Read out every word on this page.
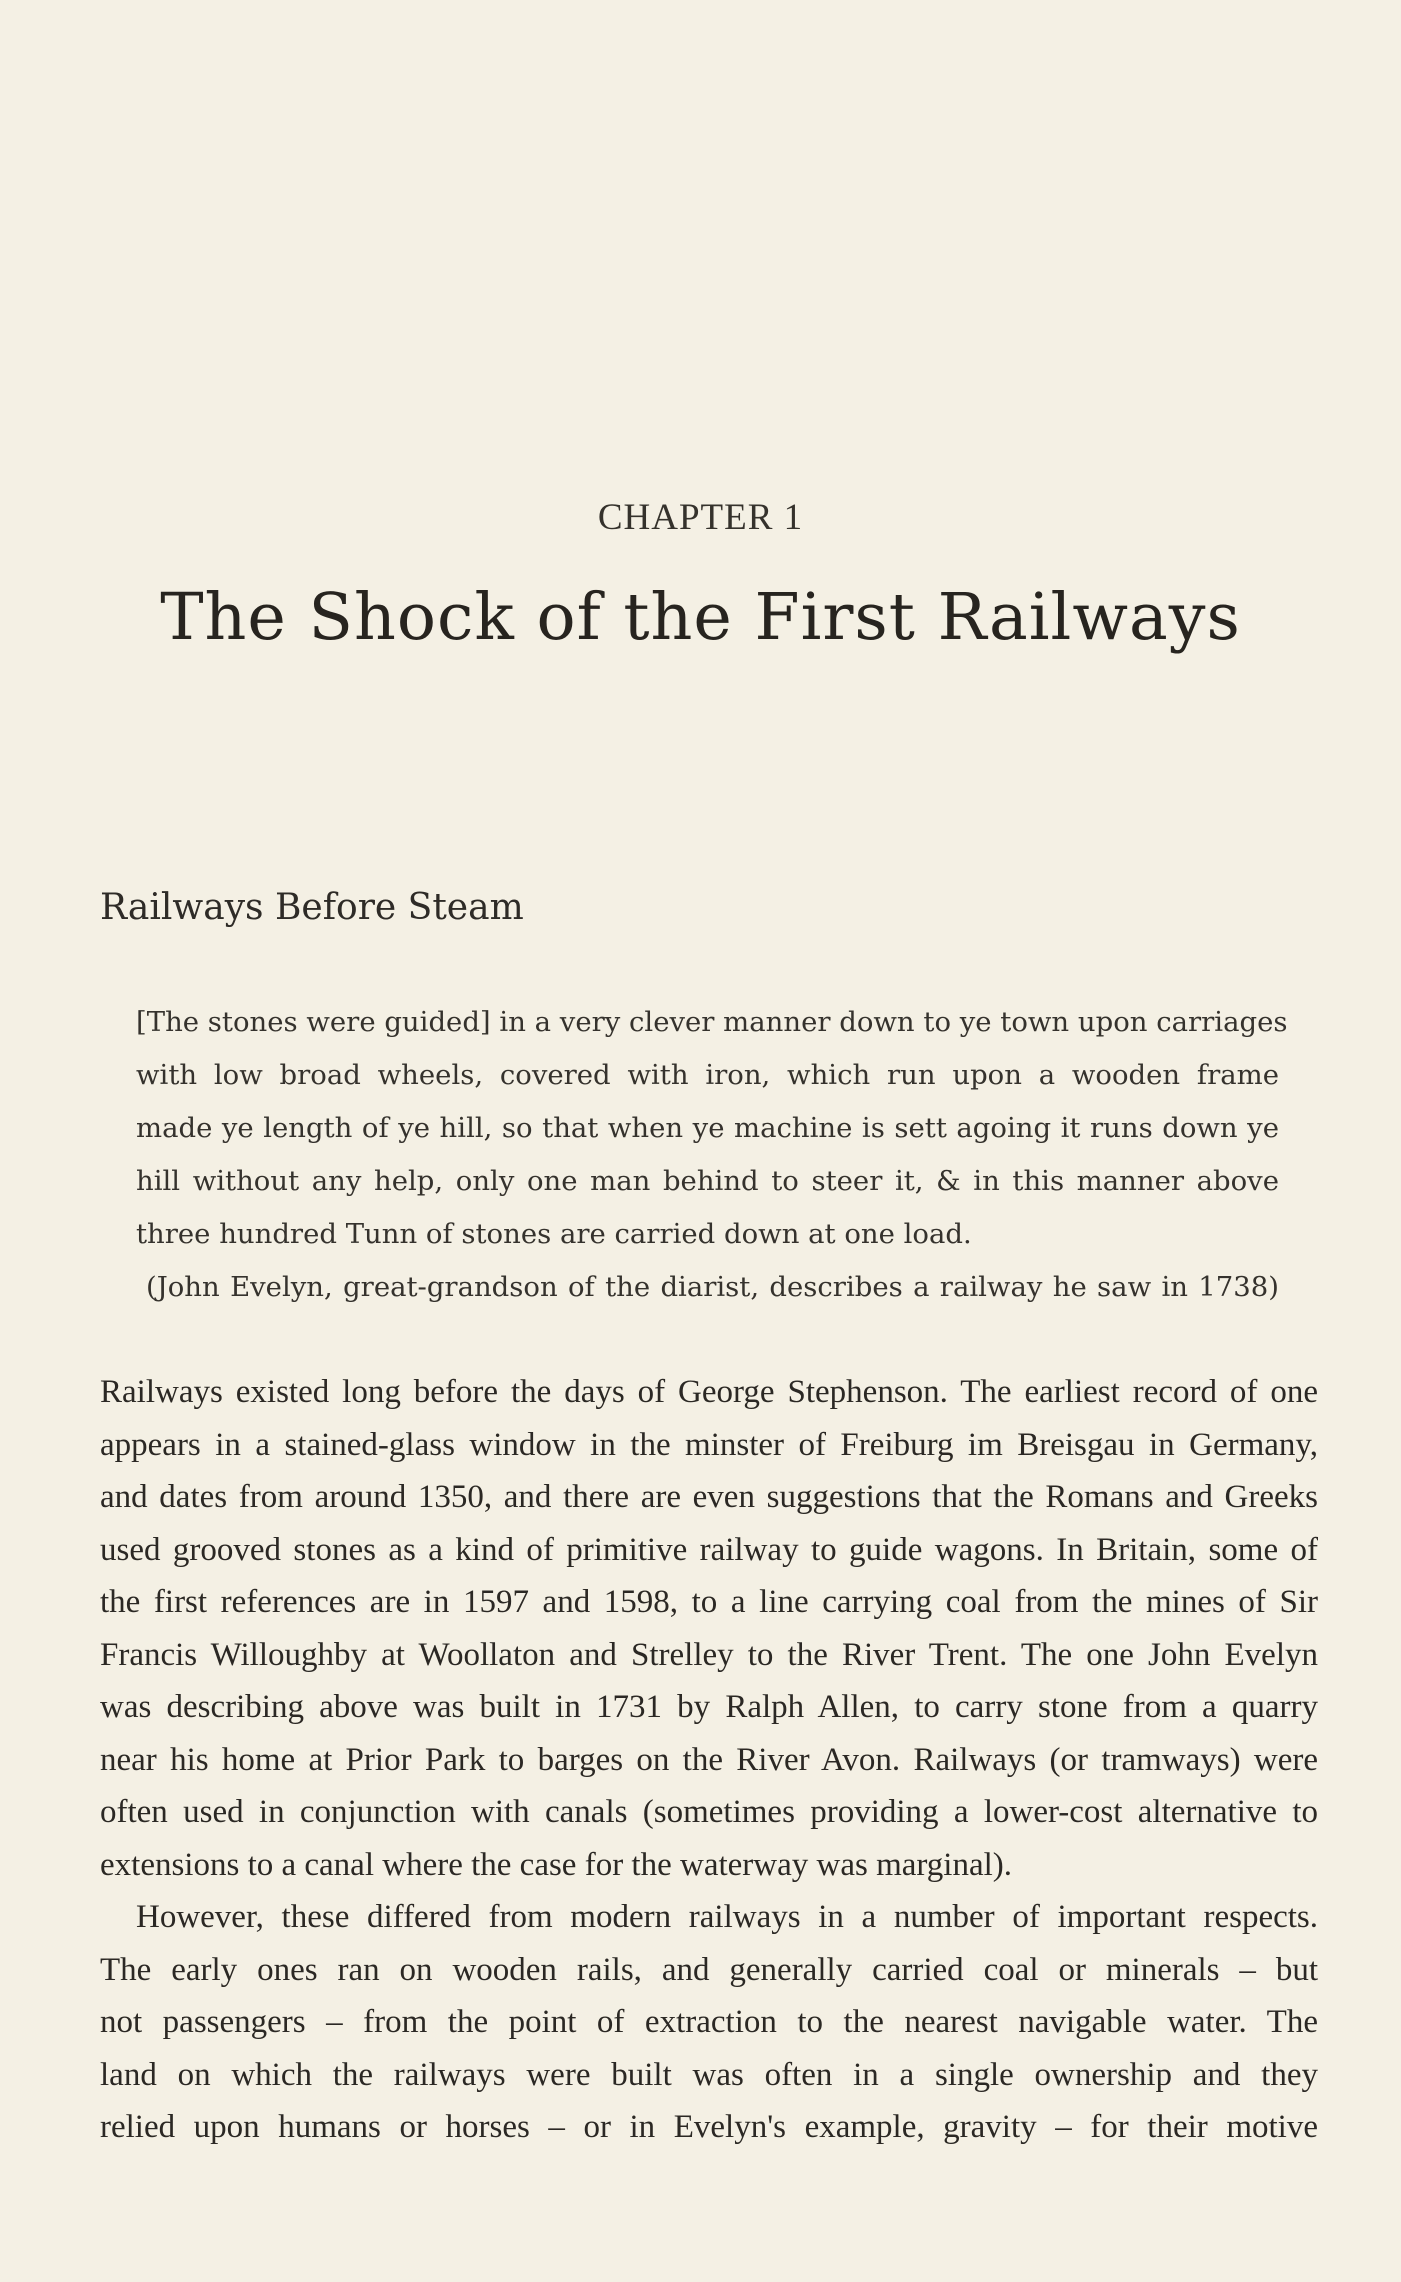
CHAPTER 1
The Shock of the First Railways
Railways Before Steam
[The stones were guided] in a very clever manner down to ye town upon carriages
with low broad wheels, covered with iron, which run upon a wooden frame
made ye length of ye hill, so that when ye machine is sett agoing it runs down ye
hill without any help, only one man behind to steer it, & in this manner above
three hundred Tunn of stones are carried down at one load.
(John Evelyn, great-grandson of the diarist, describes a railway he saw in 1738)
Railways existed long before the days of George Stephenson. The earliest record of one
appears in a stained-glass window in the minster of Freiburg im Breisgau in Germany,
and dates from around 1350, and there are even suggestions that the Romans and Greeks
used grooved stones as a kind of primitive railway to guide wagons. In Britain, some of
the first references are in 1597 and 1598, to a line carrying coal from the mines of Sir
Francis Willoughby at Woollaton and Strelley to the River Trent. The one John Evelyn
was describing above was built in 1731 by Ralph Allen, to carry stone from a quarry
near his home at Prior Park to barges on the River Avon. Railways (or tramways) were
often used in conjunction with canals (sometimes providing a lower-cost alternative to
extensions to a canal where the case for the waterway was marginal).
However, these differed from modern railways in a number of important respects.
The early ones ran on wooden rails, and generally carried coal or minerals – but
not passengers – from the point of extraction to the nearest navigable water. The
land on which the railways were built was often in a single ownership and they
relied upon humans or horses – or in Evelyn's example, gravity – for their motive
